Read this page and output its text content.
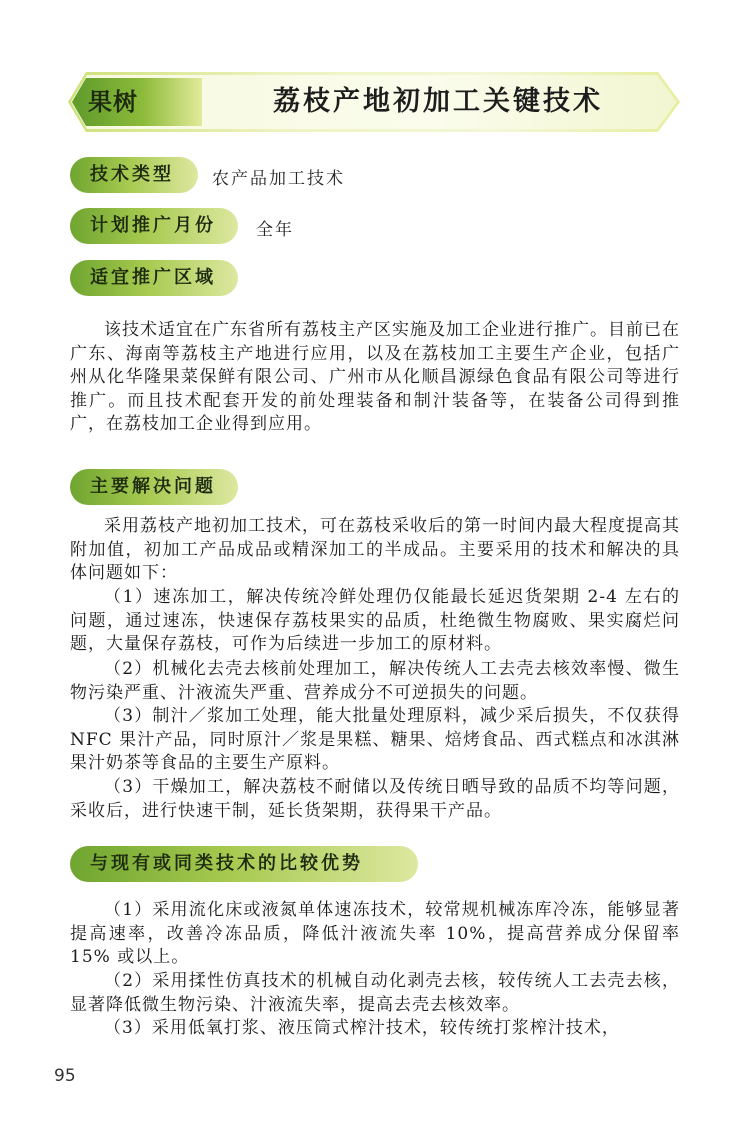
果树	荔枝产地初加工关键技术
技术类型	农产品加工技术
计划推广月份	全年
适宜推广区域

该技术适宜在广东省所有荔枝主产区实施及加工企业进行推广。目前已在广东、海南等荔枝主产地进行应用，以及在荔枝加工主要生产企业，包括广州从化华隆果菜保鲜有限公司、广州市从化顺昌源绿色食品有限公司等进行推广。而且技术配套开发的前处理装备和制汁装备等，在装备公司得到推广，在荔枝加工企业得到应用。

主要解决问题

采用荔枝产地初加工技术，可在荔枝采收后的第一时间内最大程度提高其附加值，初加工产品成品或精深加工的半成品。主要采用的技术和解决的具体问题如下：

（1）速冻加工，解决传统冷鲜处理仍仅能最长延迟货架期 2-4 左右的问题，通过速冻，快速保存荔枝果实的品质，杜绝微生物腐败、果实腐烂问题，大量保存荔枝，可作为后续进一步加工的原材料。

（2）机械化去壳去核前处理加工，解决传统人工去壳去核效率慢、微生物污染严重、汁液流失严重、营养成分不可逆损失的问题。

（3）制汁／浆加工处理，能大批量处理原料，减少采后损失，不仅获得 NFC 果汁产品，同时原汁／浆是果糕、糖果、焙烤食品、西式糕点和冰淇淋果汁奶茶等食品的主要生产原料。

（3）干燥加工，解决荔枝不耐储以及传统日晒导致的品质不均等问题，采收后，进行快速干制，延长货架期，获得果干产品。

与现有或同类技术的比较优势

（1）采用流化床或液氮单体速冻技术，较常规机械冻库冷冻，能够显著提高速率，改善冷冻品质，降低汁液流失率 10%，提高营养成分保留率 15% 或以上。

（2）采用揉性仿真技术的机械自动化剥壳去核，较传统人工去壳去核，显著降低微生物污染、汁液流失率，提高去壳去核效率。

（3）采用低氧打浆、液压筒式榨汁技术，较传统打浆榨汁技术，

95
